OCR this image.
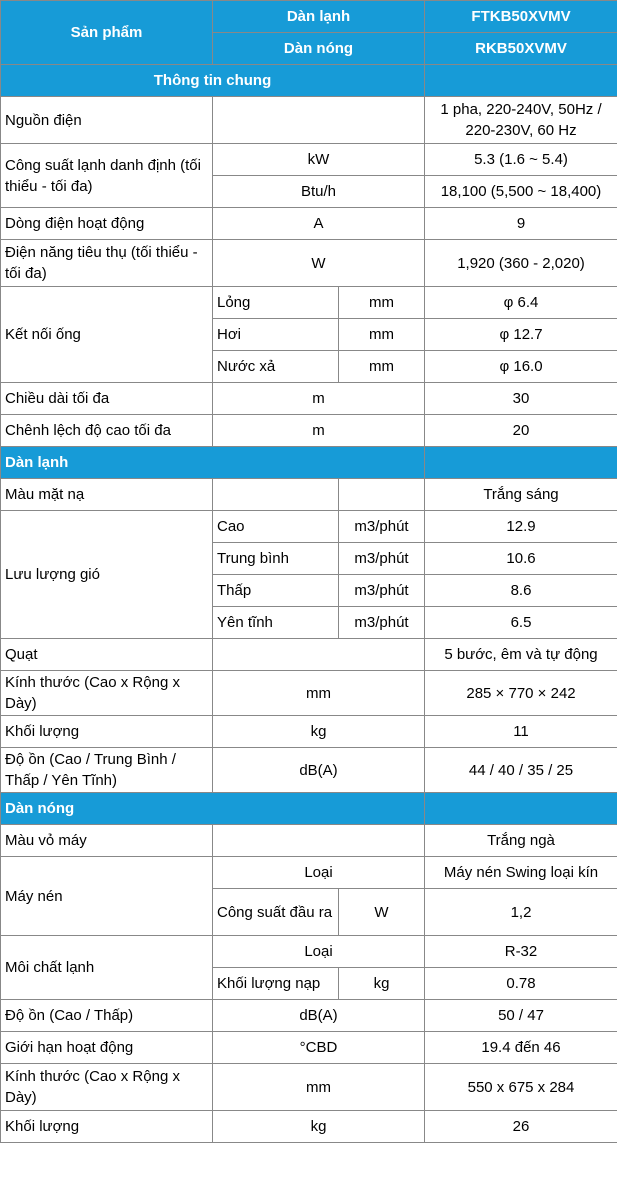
Sản phẩm	Dàn lạnh		FTKB50XVMV
	Dàn nóng		RKB50XVMV
Thông tin chung			
Nguồn điện			1 pha, 220-240V, 50Hz / 220-230V, 60 Hz
Công suất lạnh danh định (tối thiểu - tối đa)	kW		5.3 (1.6 ~ 5.4)
	Btu/h		18,100 (5,500 ~ 18,400)
Dòng điện hoạt động	A		9
Điện năng tiêu thụ (tối thiểu - tối đa)	W		1,920 (360 - 2,020)
Kết nối ống	Lỏng	mm	φ 6.4
	Hơi	mm	φ 12.7
	Nước xả	mm	φ 16.0
Chiều dài tối đa	m		30
Chênh lệch độ cao tối đa	m		20
Dàn lạnh			
Màu mặt nạ			Trắng sáng
Lưu lượng gió	Cao	m3/phút	12.9
	Trung bình	m3/phút	10.6
	Thấp	m3/phút	8.6
	Yên tĩnh	m3/phút	6.5
Quạt			5 bước, êm và tự động
Kính thước (Cao x Rộng x Dày)	mm		285 × 770 × 242
Khối lượng	kg		11
Độ ồn (Cao / Trung Bình / Thấp / Yên Tĩnh)	dB(A)		44 / 40 / 35 / 25
Dàn nóng			
Màu vỏ máy			Trắng ngà
Máy nén	Loại		Máy nén Swing loại kín
	Công suất đầu ra	W	1,2
Môi chất lạnh	Loại		R-32
	Khối lượng nạp	kg	0.78
Độ ồn (Cao / Thấp)	dB(A)		50 / 47
Giới hạn hoạt động	°CBD		19.4 đến 46
Kính thước (Cao x Rộng x Dày)	mm		550 x 675 x 284
Khối lượng	kg		26
